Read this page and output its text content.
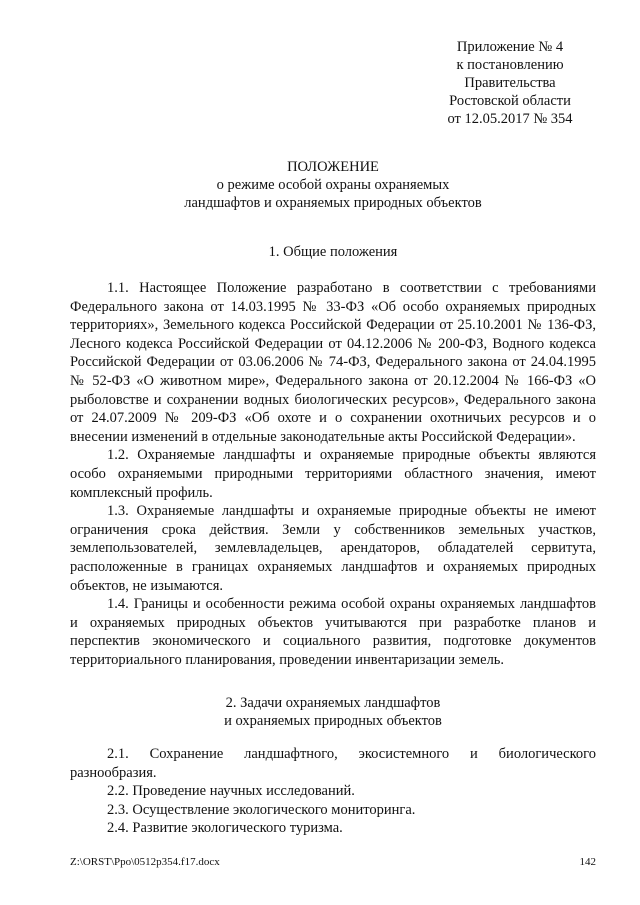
Приложение № 4
к постановлению
Правительства
Ростовской области
от 12.05.2017 № 354
ПОЛОЖЕНИЕ
о режиме особой охраны охраняемых
ландшафтов и охраняемых природных объектов
1. Общие положения

1.1. Настоящее Положение разработано в соответствии с требованиями Федерального закона от 14.03.1995 № 33-ФЗ «Об особо охраняемых природных территориях», Земельного кодекса Российской Федерации от 25.10.2001 № 136-ФЗ, Лесного кодекса Российской Федерации от 04.12.2006 № 200-ФЗ, Водного кодекса Российской Федерации от 03.06.2006 № 74-ФЗ, Федерального закона от 24.04.1995 № 52-ФЗ «О животном мире», Федерального закона от 20.12.2004 № 166-ФЗ «О рыболовстве и сохранении водных биологических ресурсов», Федерального закона от 24.07.2009 № 209-ФЗ «Об охоте и о сохранении охотничьих ресурсов и о внесении изменений в отдельные законодательные акты Российской Федерации».

1.2. Охраняемые ландшафты и охраняемые природные объекты являются особо охраняемыми природными территориями областного значения, имеют комплексный профиль.

1.3. Охраняемые ландшафты и охраняемые природные объекты не имеют ограничения срока действия. Земли у собственников земельных участков, землепользователей, землевладельцев, арендаторов, обладателей сервитута, расположенные в границах охраняемых ландшафтов и охраняемых природных объектов, не изымаются.

1.4. Границы и особенности режима особой охраны охраняемых ландшафтов и охраняемых природных объектов учитываются при разработке планов и перспектив экономического и социального развития, подготовке документов территориального планирования, проведении инвентаризации земель.

2. Задачи охраняемых ландшафтов
и охраняемых природных объектов

2.1. Сохранение ландшафтного, экосистемного и биологического разнообразия.

2.2. Проведение научных исследований.

2.3. Осуществление экологического мониторинга.

2.4. Развитие экологического туризма.

Z:\ORST\Ppo\0512p354.f17.docx	142
